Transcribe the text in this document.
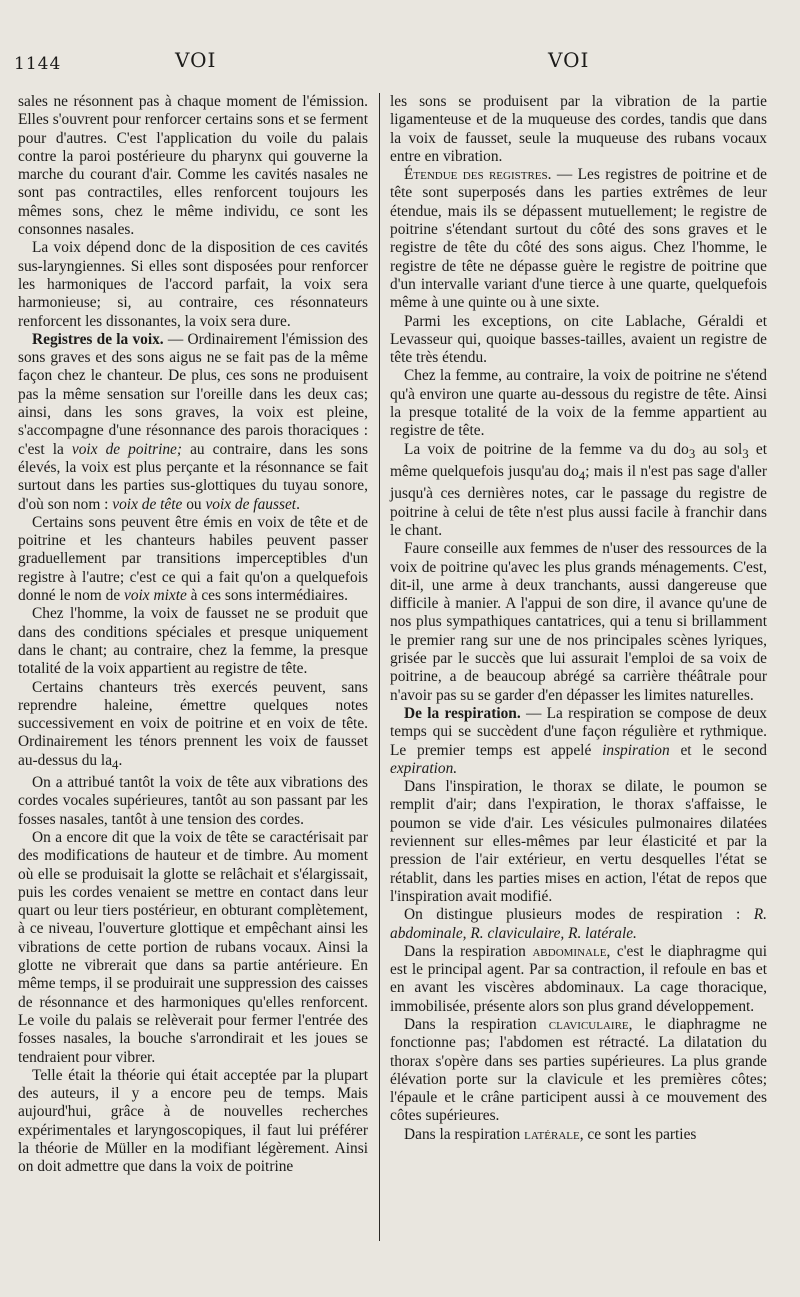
1144	VOI	VOI

sales ne résonnent pas à chaque moment de l'émission. Elles s'ouvrent pour renforcer certains sons et se ferment pour d'autres. C'est l'application du voile du palais contre la paroi postérieure du pharynx qui gouverne la marche du courant d'air. Comme les cavités nasales ne sont pas contractiles, elles renforcent toujours les mêmes sons, chez le même individu, ce sont les consonnes nasales.

La voix dépend donc de la disposition de ces cavités sus-laryngiennes. Si elles sont disposées pour renforcer les harmoniques de l'accord parfait, la voix sera harmonieuse; si, au contraire, ces résonnateurs renforcent les dissonantes, la voix sera dure.

Registres de la voix. — Ordinairement l'émission des sons graves et des sons aigus ne se fait pas de la même façon chez le chanteur. De plus, ces sons ne produisent pas la même sensation sur l'oreille dans les deux cas; ainsi, dans les sons graves, la voix est pleine, s'accompagne d'une résonnance des parois thoraciques : c'est la voix de poitrine; au contraire, dans les sons élevés, la voix est plus perçante et la résonnance se fait surtout dans les parties sus-glottiques du tuyau sonore, d'où son nom : voix de tête ou voix de fausset.

Certains sons peuvent être émis en voix de tête et de poitrine et les chanteurs habiles peuvent passer graduellement par transitions imperceptibles d'un registre à l'autre; c'est ce qui a fait qu'on a quelquefois donné le nom de voix mixte à ces sons intermédiaires.

Chez l'homme, la voix de fausset ne se produit que dans des conditions spéciales et presque uniquement dans le chant; au contraire, chez la femme, la presque totalité de la voix appartient au registre de tête.

Certains chanteurs très exercés peuvent, sans reprendre haleine, émettre quelques notes successivement en voix de poitrine et en voix de tête. Ordinairement les ténors prennent les voix de fausset au-dessus du $la_4$.

On a attribué tantôt la voix de tête aux vibrations des cordes vocales supérieures, tantôt au son passant par les fosses nasales, tantôt à une tension des cordes.

On a encore dit que la voix de tête se caractérisait par des modifications de hauteur et de timbre. Au moment où elle se produisait la glotte se relâchait et s'élargissait, puis les cordes venaient se mettre en contact dans leur quart ou leur tiers postérieur, en obturant complètement, à ce niveau, l'ouverture glottique et empêchant ainsi les vibrations de cette portion de rubans vocaux. Ainsi la glotte ne vibrerait que dans sa partie antérieure. En même temps, il se produirait une suppression des caisses de résonnance et des harmoniques qu'elles renforcent. Le voile du palais se relèverait pour fermer l'entrée des fosses nasales, la bouche s'arrondirait et les joues se tendraient pour vibrer.

Telle était la théorie qui était acceptée par la plupart des auteurs, il y a encore peu de temps. Mais aujourd'hui, grâce à de nouvelles recherches expérimentales et laryngoscopiques, il faut lui préférer la théorie de Müller en la modifiant légèrement. Ainsi on doit admettre que dans la voix de poitrine

les sons se produisent par la vibration de la partie ligamenteuse et de la muqueuse des cordes, tandis que dans la voix de fausset, seule la muqueuse des rubans vocaux entre en vibration.

Étendue des registres. — Les registres de poitrine et de tête sont superposés dans les parties extrêmes de leur étendue, mais ils se dépassent mutuellement; le registre de poitrine s'étendant surtout du côté des sons graves et le registre de tête du côté des sons aigus. Chez l'homme, le registre de tête ne dépasse guère le registre de poitrine que d'un intervalle variant d'une tierce à une quarte, quelquefois même à une quinte ou à une sixte.

Parmi les exceptions, on cite Lablache, Géraldi et Levasseur qui, quoique basses-tailles, avaient un registre de tête très étendu.

Chez la femme, au contraire, la voix de poitrine ne s'étend qu'à environ une quarte au-dessous du registre de tête. Ainsi la presque totalité de la voix de la femme appartient au registre de tête.

La voix de poitrine de la femme va du $do_3$ au sol$_3$ et même quelquefois jusqu'au $do_4$; mais il n'est pas sage d'aller jusqu'à ces dernières notes, car le passage du registre de poitrine à celui de tête n'est plus aussi facile à franchir dans le chant.

Faure conseille aux femmes de n'user des ressources de la voix de poitrine qu'avec les plus grands ménagements. C'est, dit-il, une arme à deux tranchants, aussi dangereuse que difficile à manier. A l'appui de son dire, il avance qu'une de nos plus sympathiques cantatrices, qui a tenu si brillamment le premier rang sur une de nos principales scènes lyriques, grisée par le succès que lui assurait l'emploi de sa voix de poitrine, a de beaucoup abrégé sa carrière théâtrale pour n'avoir pas su se garder d'en dépasser les limites naturelles.

De la respiration. — La respiration se compose de deux temps qui se succèdent d'une façon régulière et rythmique. Le premier temps est appelé inspiration et le second expiration.

Dans l'inspiration, le thorax se dilate, le poumon se remplit d'air; dans l'expiration, le thorax s'affaisse, le poumon se vide d'air. Les vésicules pulmonaires dilatées reviennent sur elles-mêmes par leur élasticité et par la pression de l'air extérieur, en vertu desquelles l'état se rétablit, dans les parties mises en action, l'état de repos que l'inspiration avait modifié.

On distingue plusieurs modes de respiration : R. abdominale, R. claviculaire, R. latérale.

Dans la respiration abdominale, c'est le diaphragme qui est le principal agent. Par sa contraction, il refoule en bas et en avant les viscères abdominaux. La cage thoracique, immobilisée, présente alors son plus grand développement.

Dans la respiration claviculaire, le diaphragme ne fonctionne pas; l'abdomen est rétracté. La dilatation du thorax s'opère dans ses parties supérieures. La plus grande élévation porte sur la clavicule et les premières côtes; l'épaule et le crâne participent aussi à ce mouvement des côtes supérieures.

Dans la respiration latérale, ce sont les parties
